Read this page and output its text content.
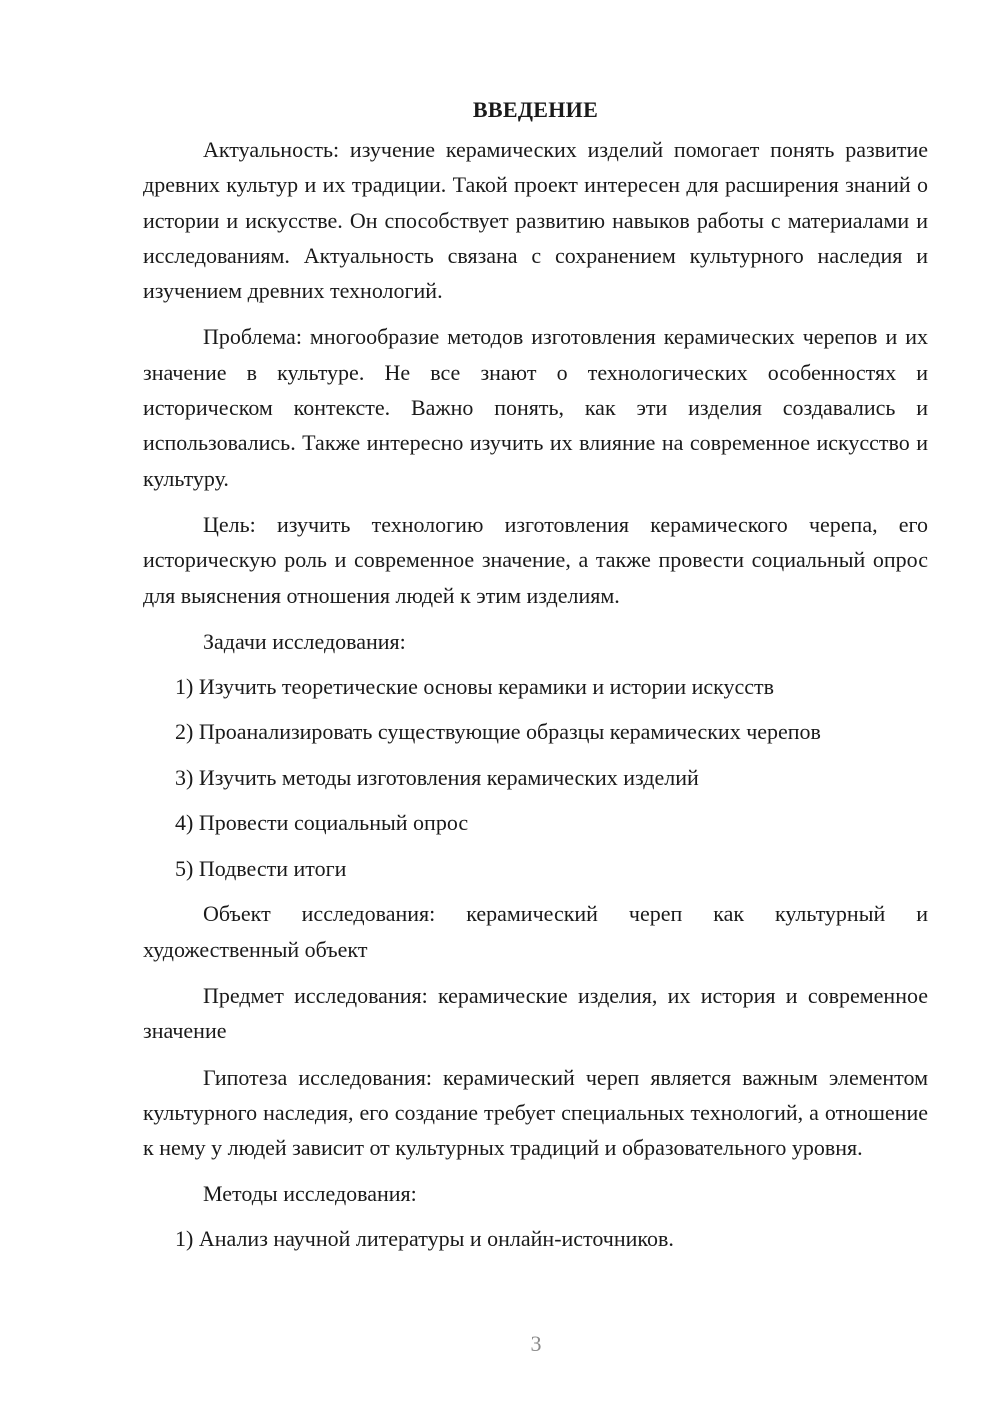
ВВЕДЕНИЕ

Актуальность: изучение керамических изделий помогает понять развитие древних культур и их традиции. Такой проект интересен для расширения знаний о истории и искусстве. Он способствует развитию навыков работы с материалами и исследованиям. Актуальность связана с сохранением культурного наследия и изучением древних технологий.

Проблема: многообразие методов изготовления керамических черепов и их значение в культуре. Не все знают о технологических особенностях и историческом контексте. Важно понять, как эти изделия создавались и использовались. Также интересно изучить их влияние на современное искусство и культуру.

Цель: изучить технологию изготовления керамического черепа, его историческую роль и современное значение, а также провести социальный опрос для выяснения отношения людей к этим изделиям.

Задачи исследования:

1) Изучить теоретические основы керамики и истории искусств
2) Проанализировать существующие образцы керамических черепов
3) Изучить методы изготовления керамических изделий
4) Провести социальный опрос
5) Подвести итоги

Объект исследования: керамический череп как культурный и художественный объект

Предмет исследования: керамические изделия, их история и современное значение

Гипотеза исследования: керамический череп является важным элементом культурного наследия, его создание требует специальных технологий, а отношение к нему у людей зависит от культурных традиций и образовательного уровня.

Методы исследования:

1) Анализ научной литературы и онлайн-источников.
3
